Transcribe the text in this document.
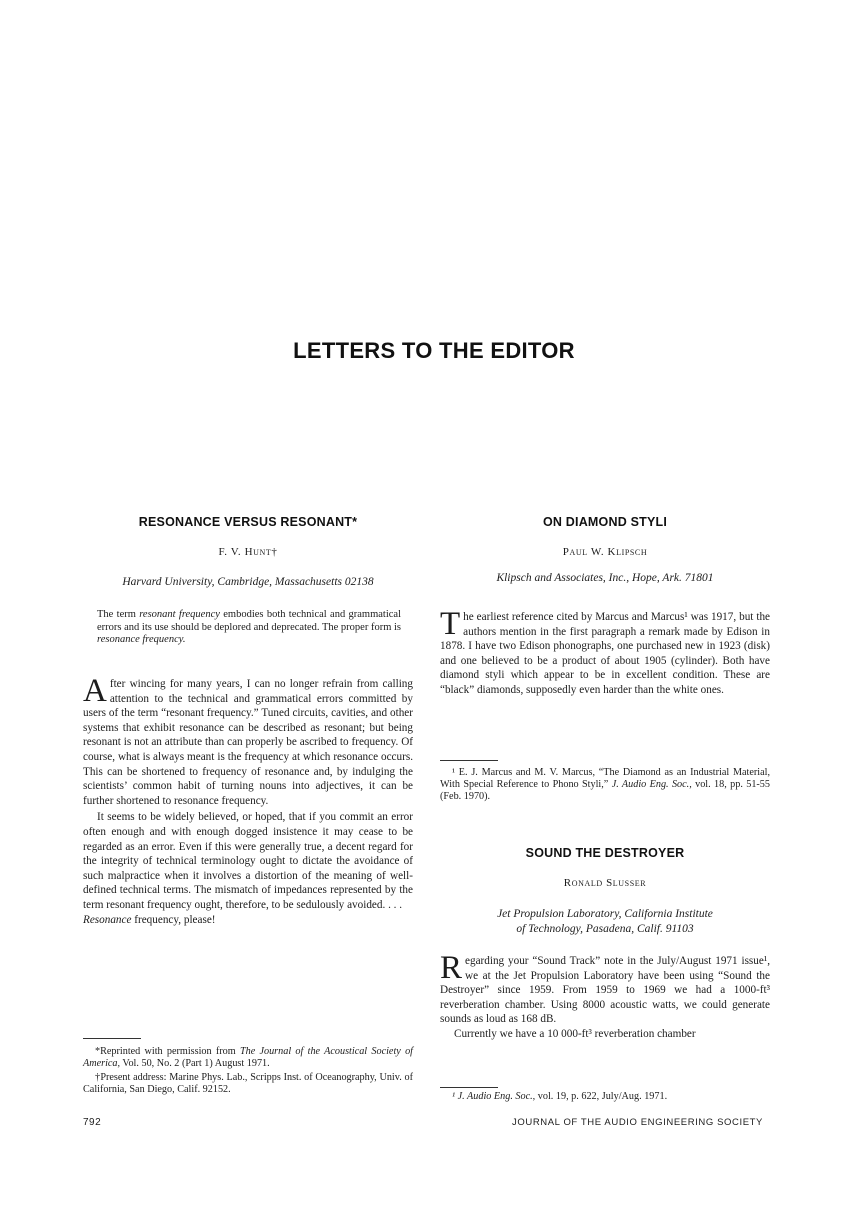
LETTERS TO THE EDITOR
RESONANCE VERSUS RESONANT*
F. V. Hunt†
Harvard University, Cambridge, Massachusetts 02138
The term resonant frequency embodies both technical and grammatical errors and its use should be deplored and deprecated. The proper form is resonance frequency.

After wincing for many years, I can no longer refrain from calling attention to the technical and grammatical errors committed by users of the term “resonant frequency.” Tuned circuits, cavities, and other systems that exhibit resonance can be described as resonant; but being resonant is not an attribute than can properly be ascribed to frequency. Of course, what is always meant is the frequency at which resonance occurs. This can be shortened to frequency of resonance and, by indulging the scientists’ common habit of turning nouns into adjectives, it can be further shortened to resonance frequency.

It seems to be widely believed, or hoped, that if you commit an error often enough and with enough dogged insistence it may cease to be regarded as an error. Even if this were generally true, a decent regard for the integrity of technical terminology ought to dictate the avoidance of such malpractice when it involves a distortion of the meaning of well-defined technical terms. The mismatch of impedances represented by the term resonant frequency ought, therefore, to be sedulously avoided. . . .
Resonance frequency, please!

*Reprinted with permission from The Journal of the Acoustical Society of America, Vol. 50, No. 2 (Part 1) August 1971.

†Present address: Marine Phys. Lab., Scripps Inst. of Oceanography, Univ. of California, San Diego, Calif. 92152.

ON DIAMOND STYLI
Paul W. Klipsch
Klipsch and Associates, Inc., Hope, Ark. 71801

The earliest reference cited by Marcus and Marcus¹ was 1917, but the authors mention in the first paragraph a remark made by Edison in 1878. I have two Edison phonographs, one purchased new in 1923 (disk) and one believed to be a product of about 1905 (cylinder). Both have diamond styli which appear to be in excellent condition. These are “black” diamonds, supposedly even harder than the white ones.

¹ E. J. Marcus and M. V. Marcus, “The Diamond as an Industrial Material, With Special Reference to Phono Styli,” J. Audio Eng. Soc., vol. 18, pp. 51-55 (Feb. 1970).

SOUND THE DESTROYER
Ronald Slusser
Jet Propulsion Laboratory, California Institute
of Technology, Pasadena, Calif. 91103

Regarding your “Sound Track” note in the July/August 1971 issue¹, we at the Jet Propulsion Laboratory have been using “Sound the Destroyer” since 1959. From 1959 to 1969 we had a 1000-ft³ reverberation chamber. Using 8000 acoustic watts, we could generate sounds as loud as 168 dB.

Currently we have a 10 000-ft³ reverberation chamber

¹ J. Audio Eng. Soc., vol. 19, p. 622, July/Aug. 1971.

792	JOURNAL OF THE AUDIO ENGINEERING SOCIETY
